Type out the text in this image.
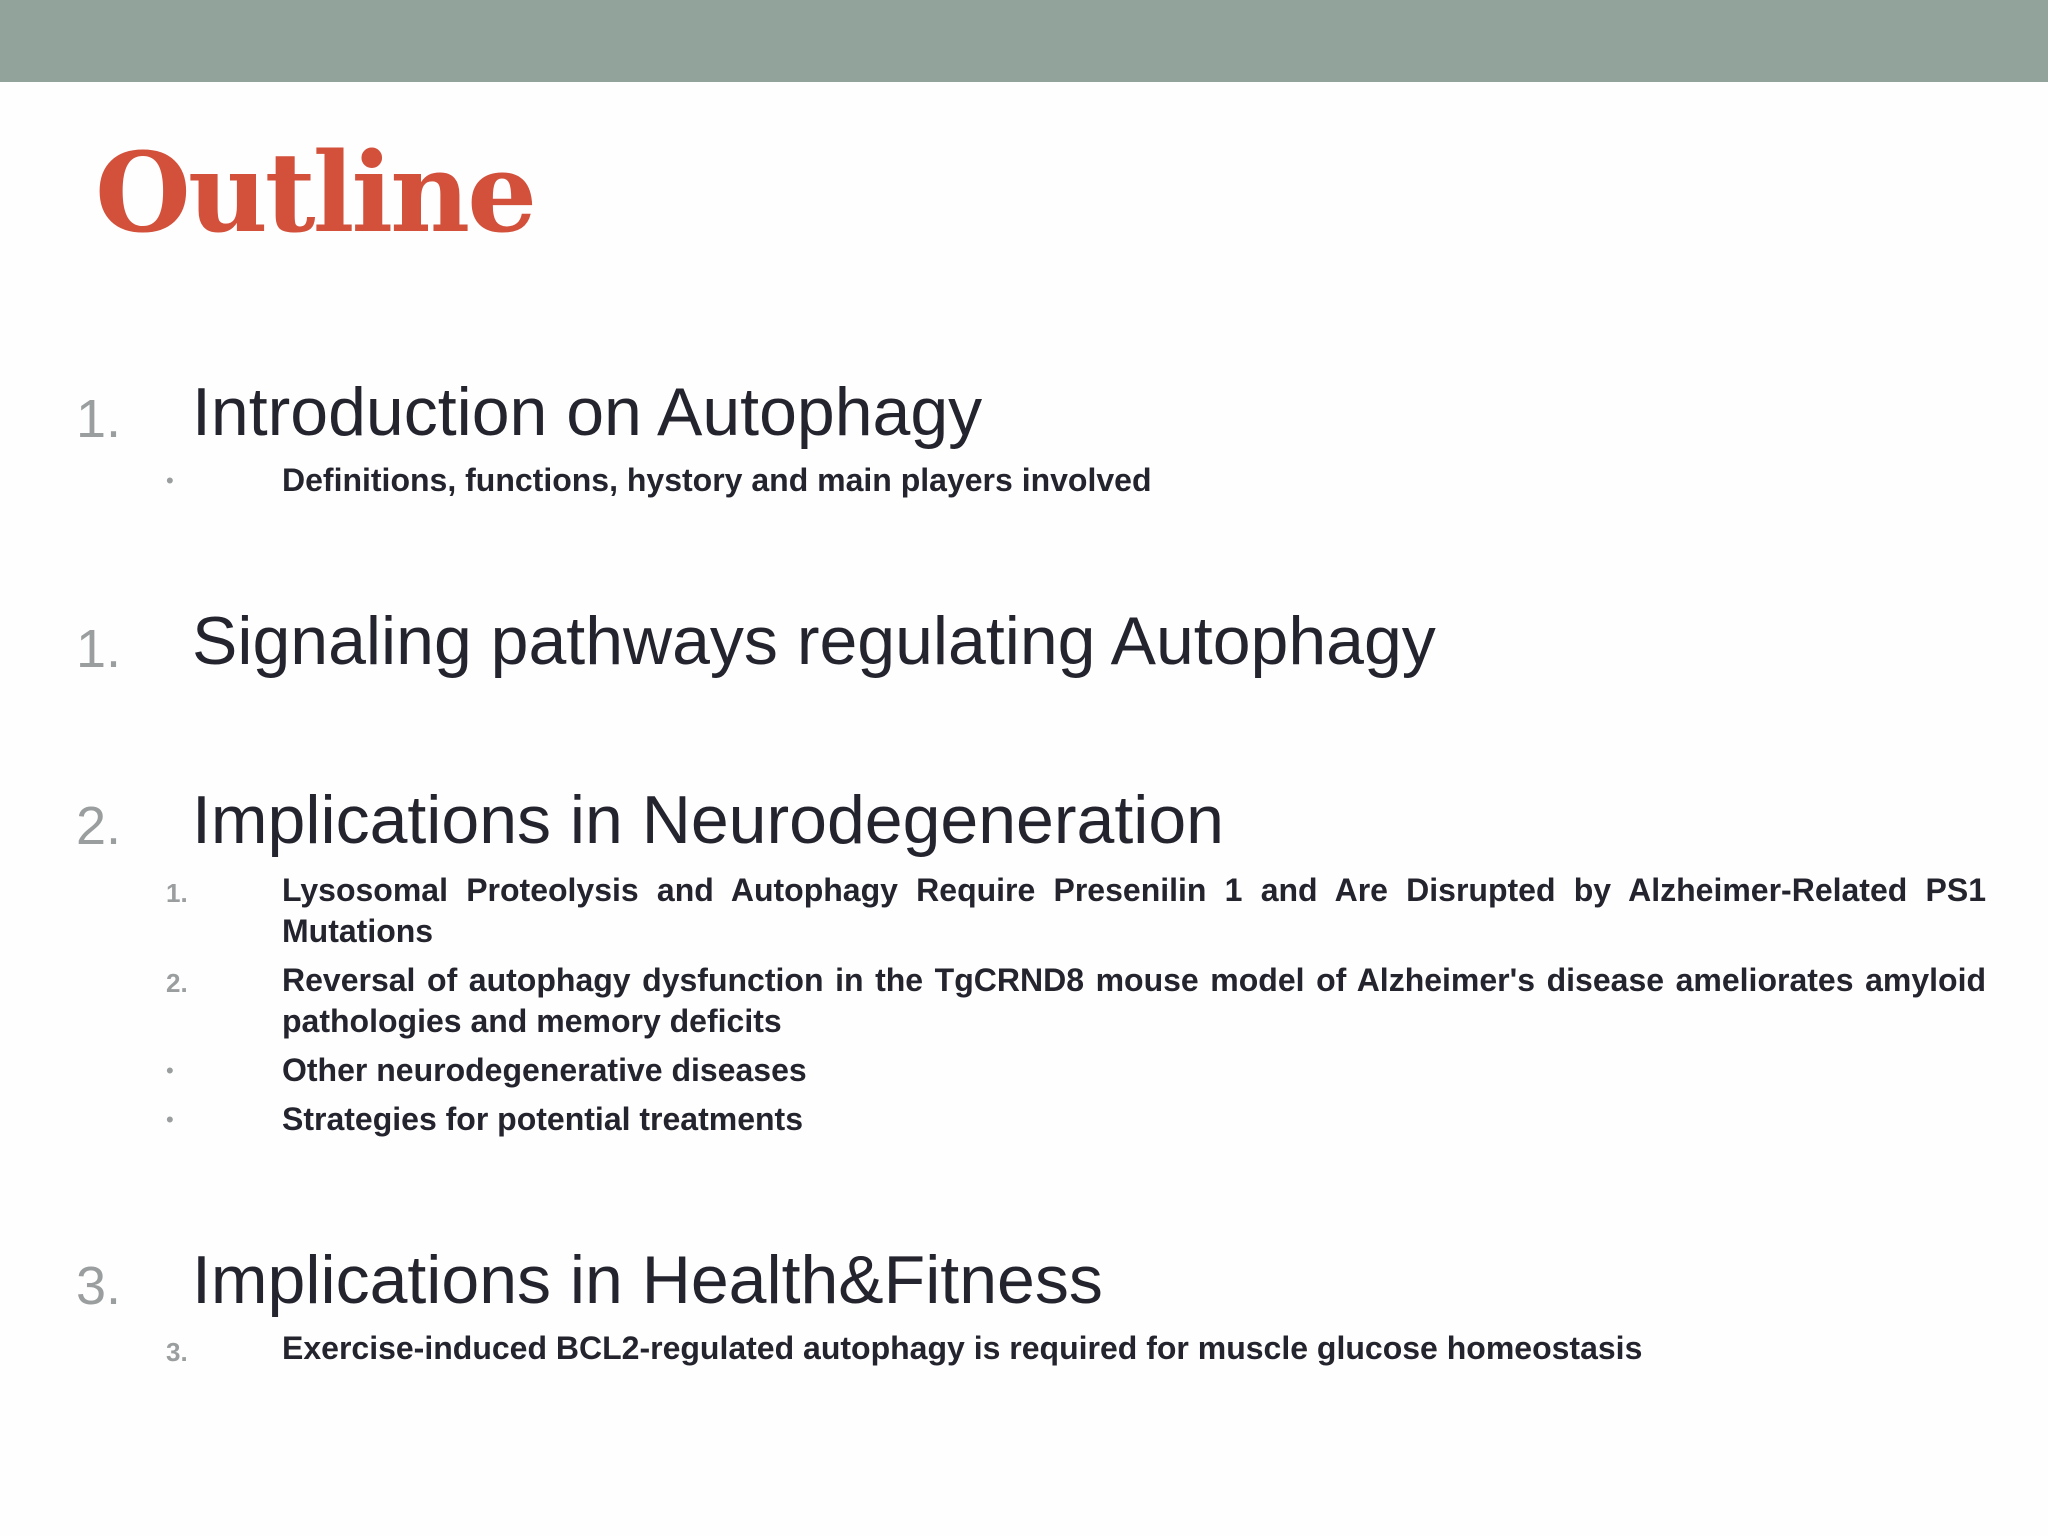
Outline
1. Introduction on Autophagy
•	Definitions, functions, hystory and main players involved
1. Signaling pathways regulating Autophagy
2. Implications in Neurodegeneration
1.	Lysosomal Proteolysis and Autophagy Require Presenilin 1 and Are Disrupted by Alzheimer-Related PS1 Mutations
2.	Reversal of autophagy dysfunction in the TgCRND8 mouse model of Alzheimer's disease ameliorates amyloid pathologies and memory deficits
•	Other neurodegenerative diseases
•	Strategies for potential treatments
3. Implications in Health&Fitness
3.	Exercise-induced BCL2-regulated autophagy is required for muscle glucose homeostasis
